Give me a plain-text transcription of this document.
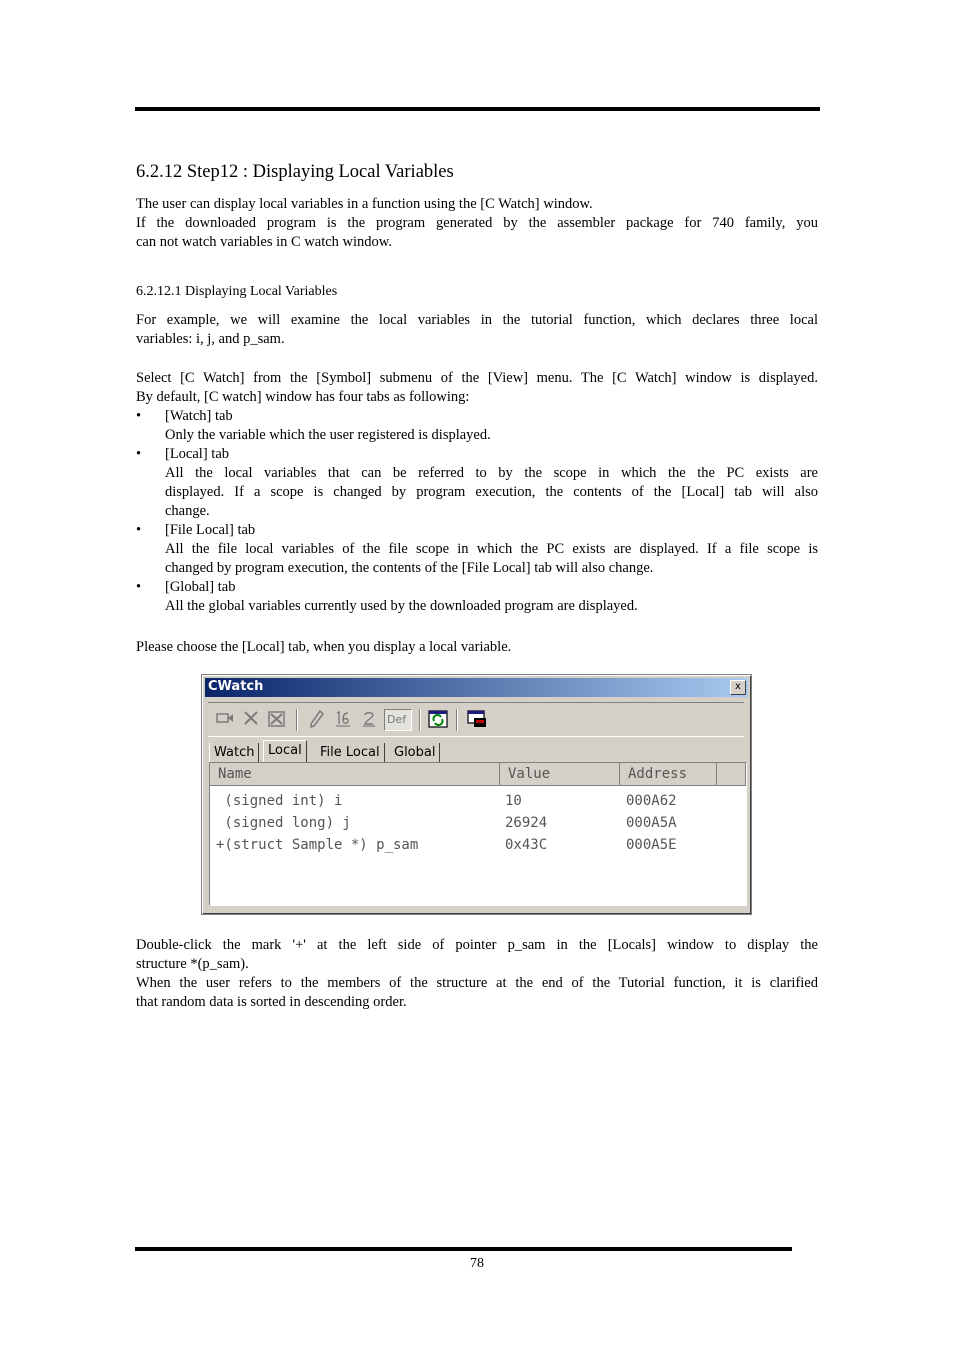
6.2.12 Step12 : Displaying Local Variables
The user can display local variables in a function using the [C Watch] window.
If the downloaded program is the program generated by the assembler package for 740 family, you
can not watch variables in C watch window.
6.2.12.1 Displaying Local Variables
For example, we will examine the local variables in the tutorial function, which declares three local
variables: i, j, and p_sam.
Select [C Watch] from the [Symbol] submenu of the [View] menu. The [C Watch] window is displayed.
By default, [C watch] window has four tabs as following:
• [Watch] tab
Only the variable which the user registered is displayed.
• [Local] tab
All the local variables that can be referred to by the scope in which the the PC exists are
displayed. If a scope is changed by program execution, the contents of the [Local] tab will also
change.
• [File Local] tab
All the file local variables of the file scope in which the PC exists are displayed. If a file scope is
changed by program execution, the contents of the [File Local] tab will also change.
• [Global] tab
All the global variables currently used by the downloaded program are displayed.
Please choose the [Local] tab, when you display a local variable.
CWatch	x
Def
Watch	Local	File Local	Global
Name	Value	Address
(signed int) i	10	000A62
(signed long) j	26924	000A5A
+(struct Sample *) p_sam	0x43C	000A5E
Double-click the mark '+' at the left side of pointer p_sam in the [Locals] window to display the
structure *(p_sam).
When the user refers to the members of the structure at the end of the Tutorial function, it is clarified
that random data is sorted in descending order.
78
